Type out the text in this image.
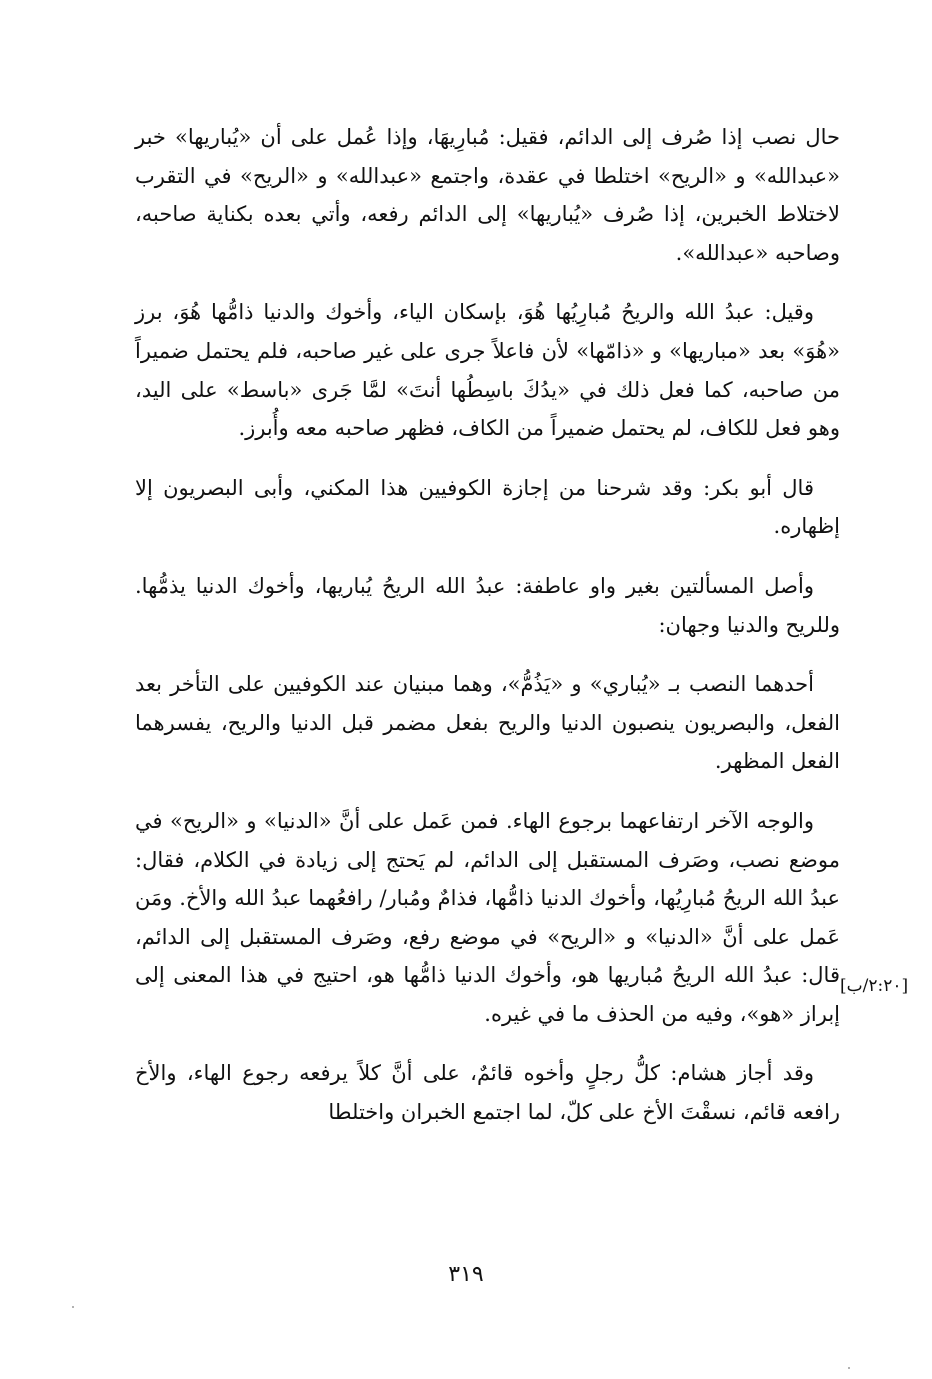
حال نصب إذا صُرف إلى الدائم، فقيل: مُبارِيهَا، وإذا عُمل على أن «يُباريها» خبر «عبدالله» و «الريح» اختلطا في عقدة، واجتمع «عبدالله» و «الريح» في التقرب لاختلاط الخبرين، إذا صُرف «يُباريها» إلى الدائم رفعه، وأتي بعده بكناية صاحبه، وصاحبه «عبدالله».

وقيل: عبدُ الله والريحُ مُبارِيُها هُوَ، بإسكان الياء، وأخوك والدنيا ذامُّها هُوَ، برز «هُوَ» بعد «مباريها» و «ذامّها» لأن فاعلاً جرى على غير صاحبه، فلم يحتمل ضميراً من صاحبه، كما فعل ذلك في «يدُكَ باسِطُها أنتَ» لمَّا جَرى «باسط» على اليد، وهو فعل للكاف، لم يحتمل ضميراً من الكاف، فظهر صاحبه معه وأُبرز.

قال أبو بكر: وقد شرحنا من إجازة الكوفيين هذا المكني، وأبى البصريون إلا إظهاره.

وأصل المسألتين بغير واو عاطفة: عبدُ الله الريحُ يُباريها، وأخوك الدنيا يذمُّها. وللريح والدنيا وجهان:

أحدهما النصب بـ «يُباري» و «يَذُمُّ»، وهما مبنيان عند الكوفيين على التأخر بعد الفعل، والبصريون ينصبون الدنيا والريح بفعل مضمر قبل الدنيا والريح، يفسرهما الفعل المظهر.

والوجه الآخر ارتفاعهما برجوع الهاء. فمن عَمل على أنَّ «الدنيا» و «الريح» في موضع نصب، وصَرف المستقبل إلى الدائم، لم يَحتج إلى زيادة في الكلام، فقال: عبدُ الله الريحُ مُبارِيُها، وأخوك الدنيا ذامُّها، فذامٌ ومُبار/ رافعُهما عبدُ الله والأخ. ومَن عَمل على أنَّ «الدنيا» و «الريح» في موضع رفع، وصَرف المستقبل إلى الدائم، قال: عبدُ الله الريحُ مُباريها هو، وأخوك الدنيا ذامُّها هو، احتيج في هذا المعنى إلى إبراز «هو»، وفيه من الحذف ما في غيره.

وقد أجاز هشام: كلُّ رجلٍ وأخوه قائمٌ، على أنَّ كلاً يرفعه رجوع الهاء، والأخ رافعه قائم، نسقْتَ الأخ على كلّ، لما اجتمع الخبران واختلطا

[٢:٢٠/ب]
٣١٩
